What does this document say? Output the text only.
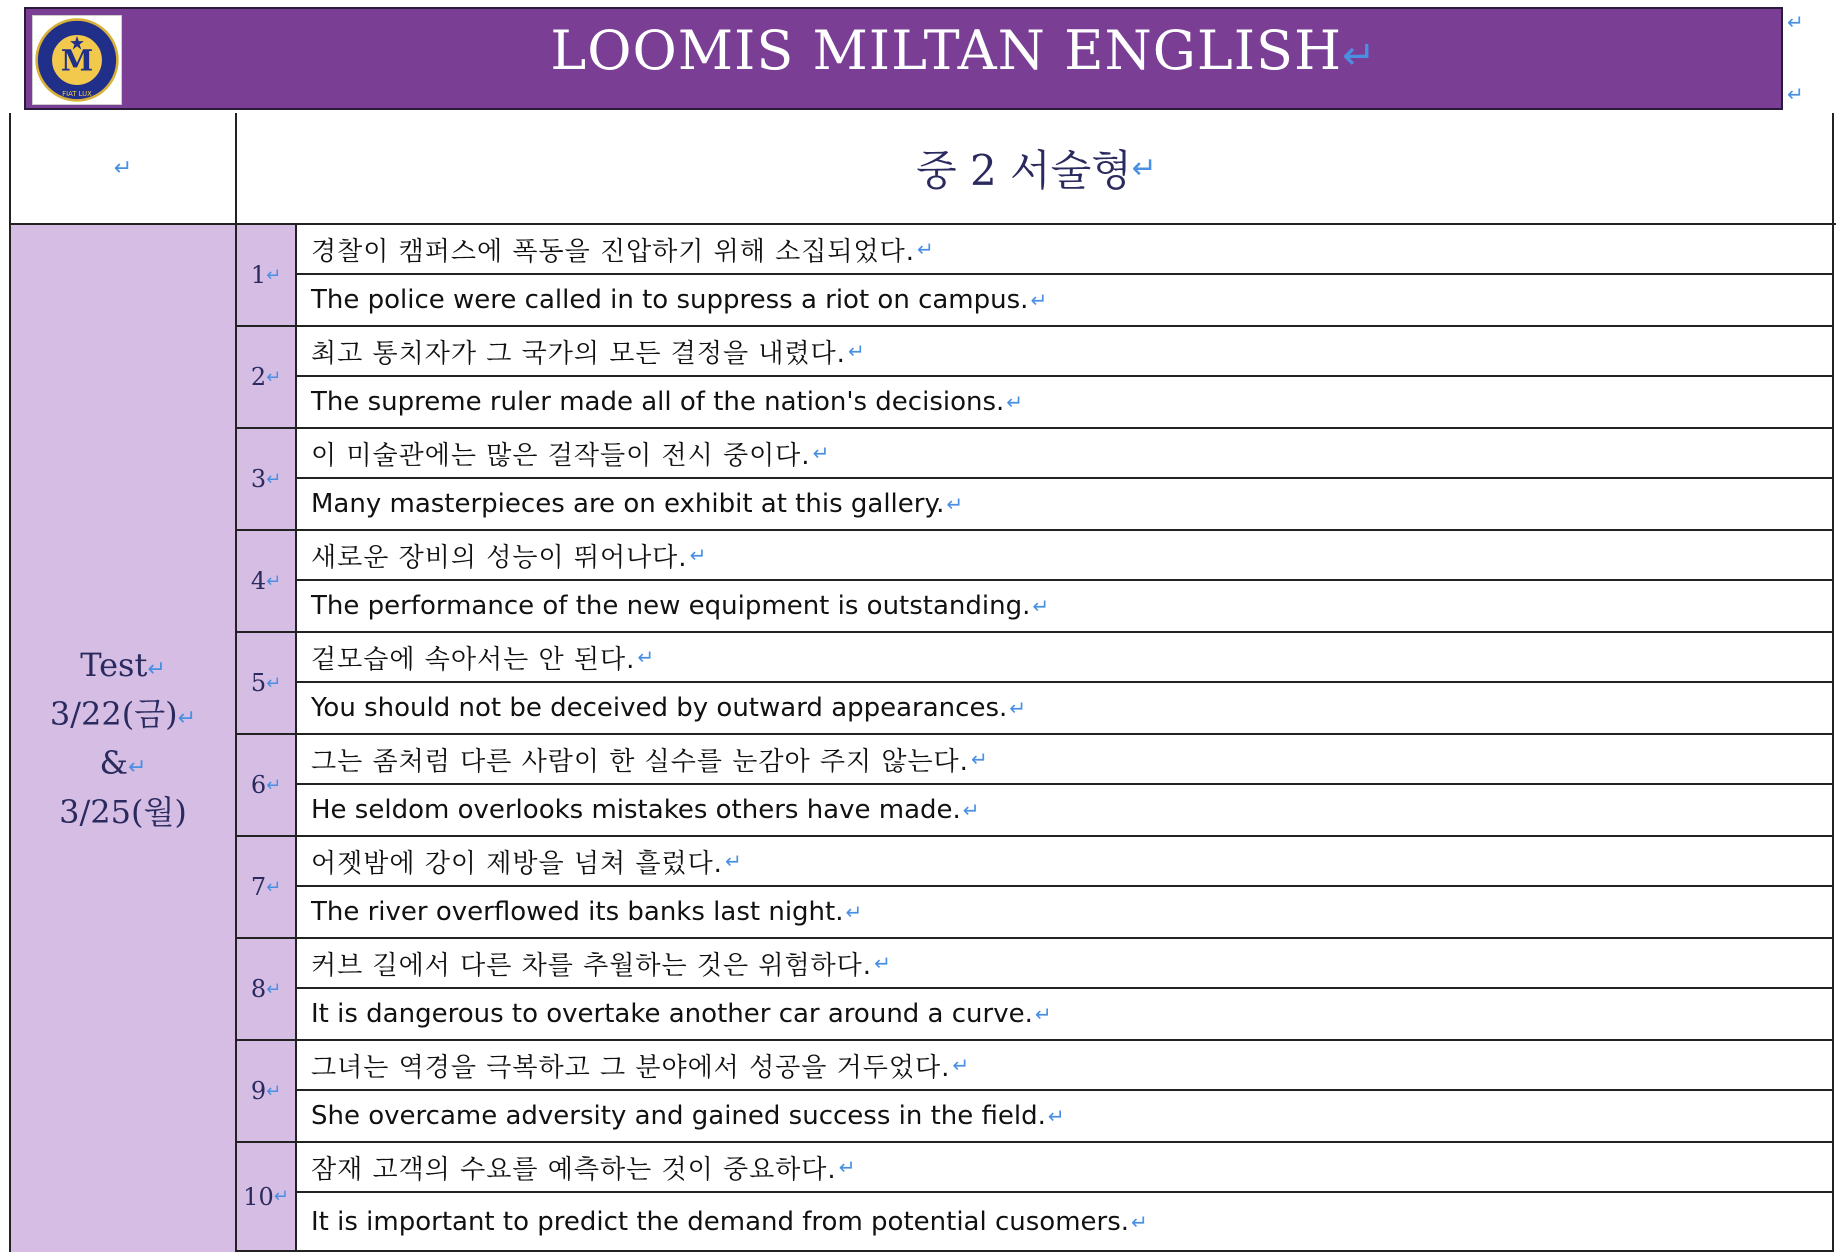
M
FIAT LUX
LOOMIS MILTAN ENGLISH↵
↵
↵
↵	중 2 서술형 ↵
Test↵
3/22(금)↵
&↵
3/25(월)
1 ↵
경찰이 캠퍼스에 폭동을 진압하기 위해 소집되었다. ↵
The police were called in to suppress a riot on campus. ↵
2 ↵
최고 통치자가 그 국가의 모든 결정을 내렸다. ↵
The supreme ruler made all of the nation's decisions. ↵
3 ↵
이 미술관에는 많은 걸작들이 전시 중이다. ↵
Many masterpieces are on exhibit at this gallery. ↵
4 ↵
새로운 장비의 성능이 뛰어나다. ↵
The performance of the new equipment is outstanding. ↵
5 ↵
겉모습에 속아서는 안 된다. ↵
You should not be deceived by outward appearances. ↵
6 ↵
그는 좀처럼 다른 사람이 한 실수를 눈감아 주지 않는다. ↵
He seldom overlooks mistakes others have made. ↵
7 ↵
어젯밤에 강이 제방을 넘쳐 흘렀다. ↵
The river overflowed its banks last night. ↵
8 ↵
커브 길에서 다른 차를 추월하는 것은 위험하다. ↵
It is dangerous to overtake another car around a curve. ↵
9 ↵
그녀는 역경을 극복하고 그 분야에서 성공을 거두었다. ↵
She overcame adversity and gained success in the field. ↵
10 ↵
잠재 고객의 수요를 예측하는 것이 중요하다. ↵
It is important to predict the demand from potential cusomers. ↵
